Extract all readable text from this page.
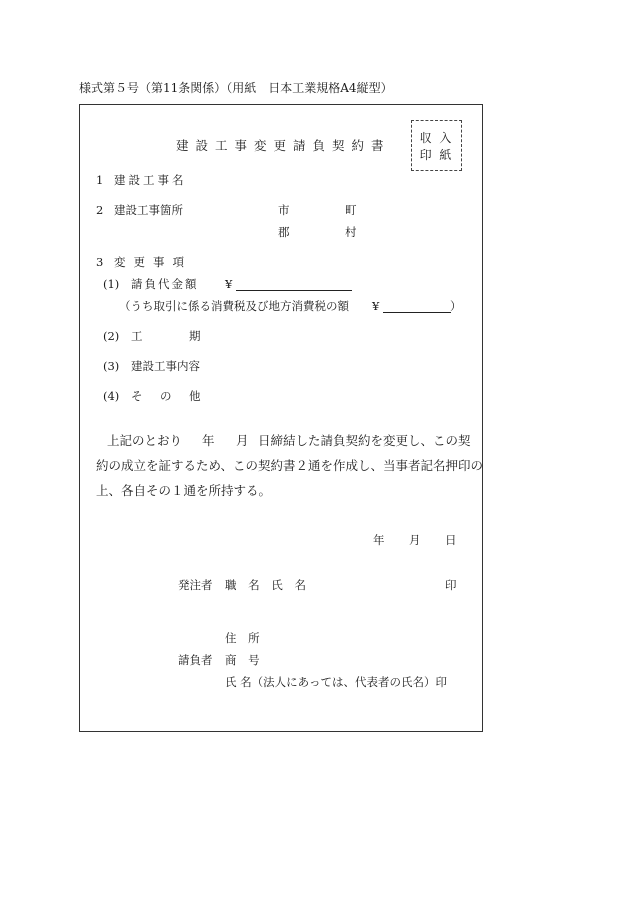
様式第５号（第11条関係）（用紙　日本工業規格A4縦型）
建設工事変更請負契約書	収 入
印 紙
1 建設工事名
2 建設工事箇所	市	町
郡	村
3 変更事項
(1) 請負代金額 ¥
（うち取引に係る消費税及び地方消費税の額 ¥	）
(2) 工	期
(3) 建設工事内容
(4) そ の 他
上記のとおり 年 月 日締結した請負契約を変更し、この契
約の成立を証するため、この契約書２通を作成し、当事者記名押印の
上、各自その１通を所持する。
年 月 日
発注者 職 名 氏 名	印
住 所
請負者 商 号
氏 名（法人にあっては、代表者の氏名）印
